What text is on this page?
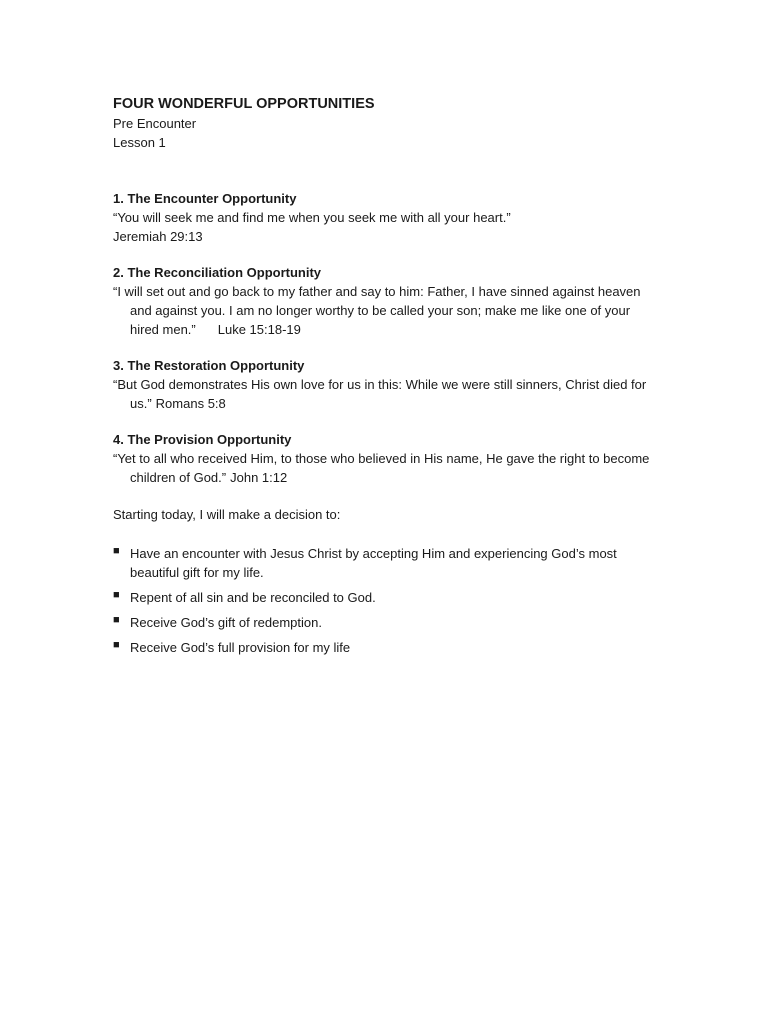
FOUR WONDERFUL OPPORTUNITIES

Pre Encounter

Lesson 1

1. The Encounter Opportunity

“You will seek me and find me when you seek me with all your heart.”

Jeremiah 29:13

2. The Reconciliation Opportunity

“I will set out and go back to my father and say to him: Father, I have sinned against heaven and against you. I am no longer worthy to be called your son; make me like one of your hired men.” Luke 15:18-19

3. The Restoration Opportunity

“But God demonstrates His own love for us in this: While we were still sinners, Christ died for us.” Romans 5:8

4. The Provision Opportunity

“Yet to all who received Him, to those who believed in His name, He gave the right to become children of God.” John 1:12

Starting today, I will make a decision to:

■ Have an encounter with Jesus Christ by accepting Him and experiencing God’s most beautiful gift for my life.
■ Repent of all sin and be reconciled to God.
■ Receive God’s gift of redemption.
■ Receive God’s full provision for my life
